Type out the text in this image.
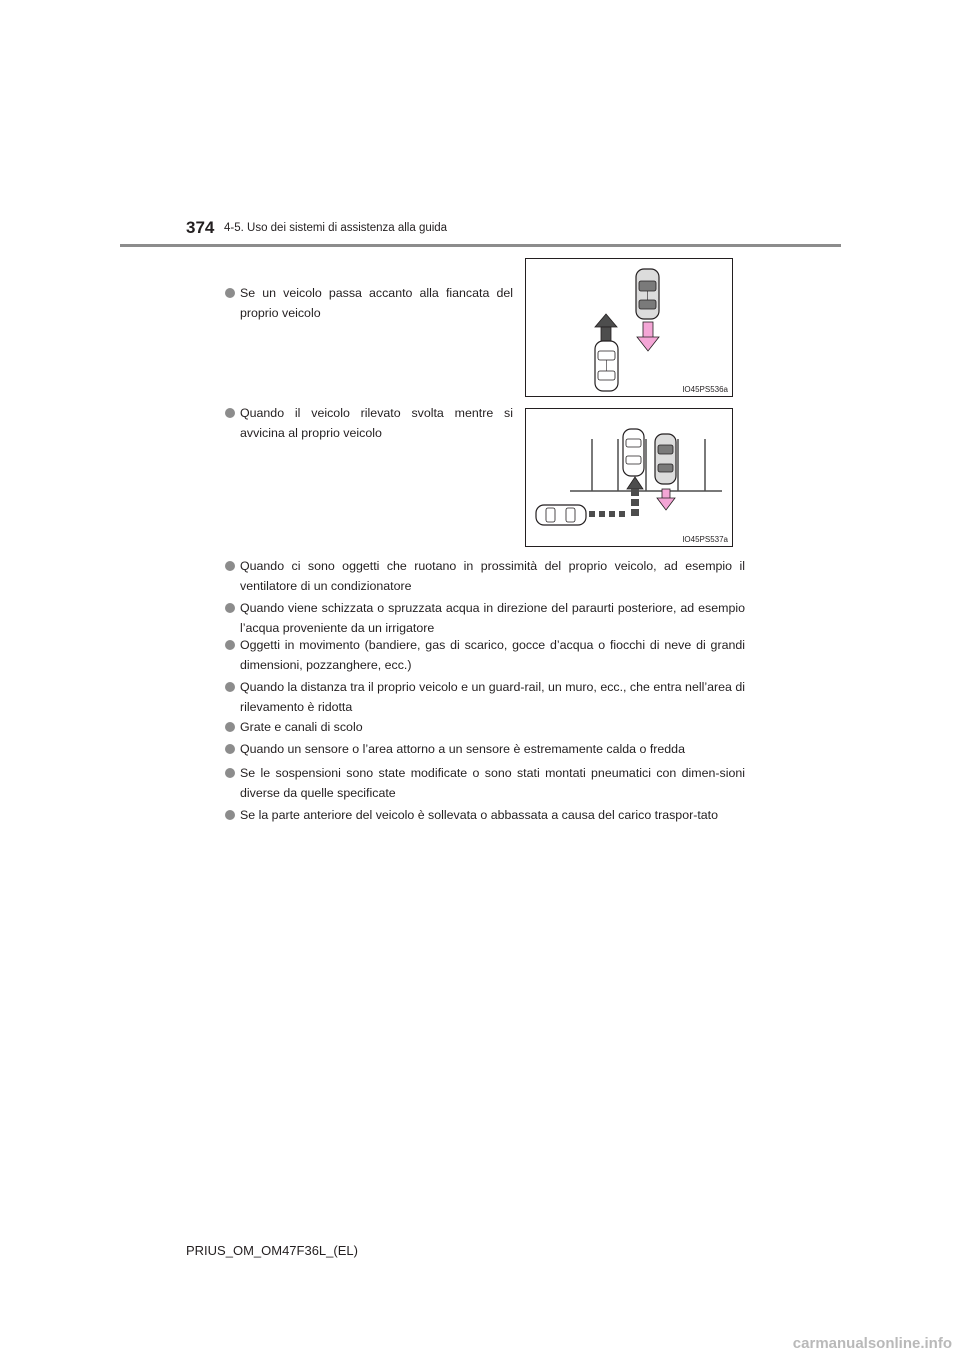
374 4-5. Uso dei sistemi di assistenza alla guida
Se un veicolo passa accanto alla fiancata del proprio veicolo
IO45PS536a
Quando il veicolo rilevato svolta mentre si avvicina al proprio veicolo
IO45PS537a
Quando ci sono oggetti che ruotano in prossimità del proprio veicolo, ad esempio il ventilatore di un condizionatore
Quando viene schizzata o spruzzata acqua in direzione del paraurti posteriore, ad esempio l’acqua proveniente da un irrigatore
Oggetti in movimento (bandiere, gas di scarico, gocce d’acqua o fiocchi di neve di grandi dimensioni, pozzanghere, ecc.)
Quando la distanza tra il proprio veicolo e un guard-rail, un muro, ecc., che entra nell’area di rilevamento è ridotta
Grate e canali di scolo
Quando un sensore o l’area attorno a un sensore è estremamente calda o fredda
Se le sospensioni sono state modificate o sono stati montati pneumatici con dimen-sioni diverse da quelle specificate
Se la parte anteriore del veicolo è sollevata o abbassata a causa del carico traspor-tato
PRIUS_OM_OM47F36L_(EL)
carmanualsonline.info
